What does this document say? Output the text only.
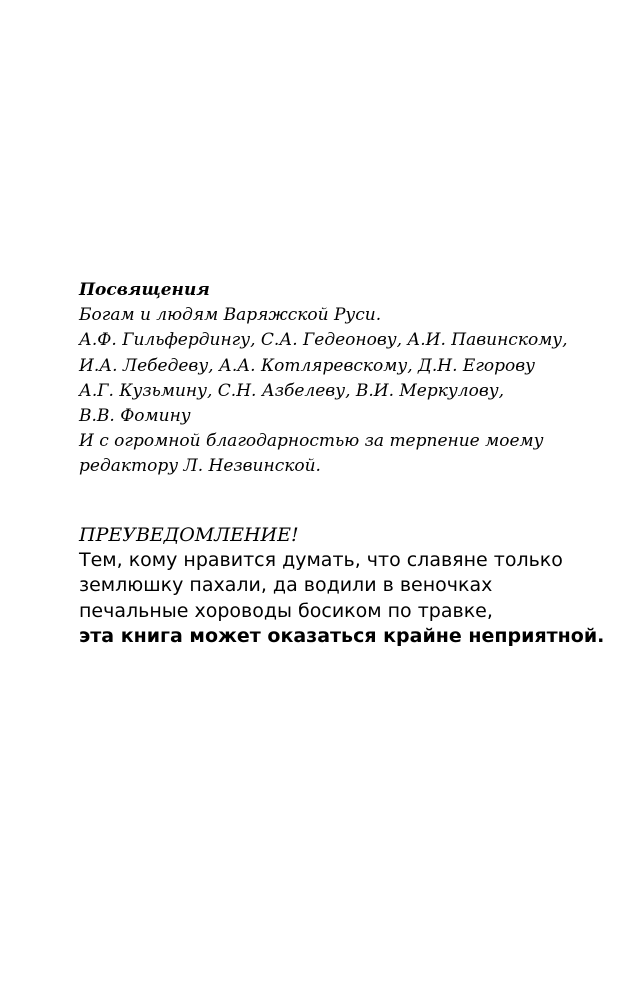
Посвящения
Богам и людям Варяжской Руси.
А.Ф. Гильфердингу, С.А. Гедеонову, А.И. Павинскому,
И.А. Лебедеву, А.А. Котляревскому, Д.Н. Егорову
А.Г. Кузьмину, С.Н. Азбелеву, В.И. Меркулову,
В.В. Фомину
И с огромной благодарностью за терпение моему
редактору Л. Незвинской.
ПРЕУВЕДОМЛЕНИЕ!
Тем, кому нравится думать, что славяне только
землюшку пахали, да водили в веночках
печальные хороводы босиком по травке,
эта книга может оказаться крайне неприятной.
